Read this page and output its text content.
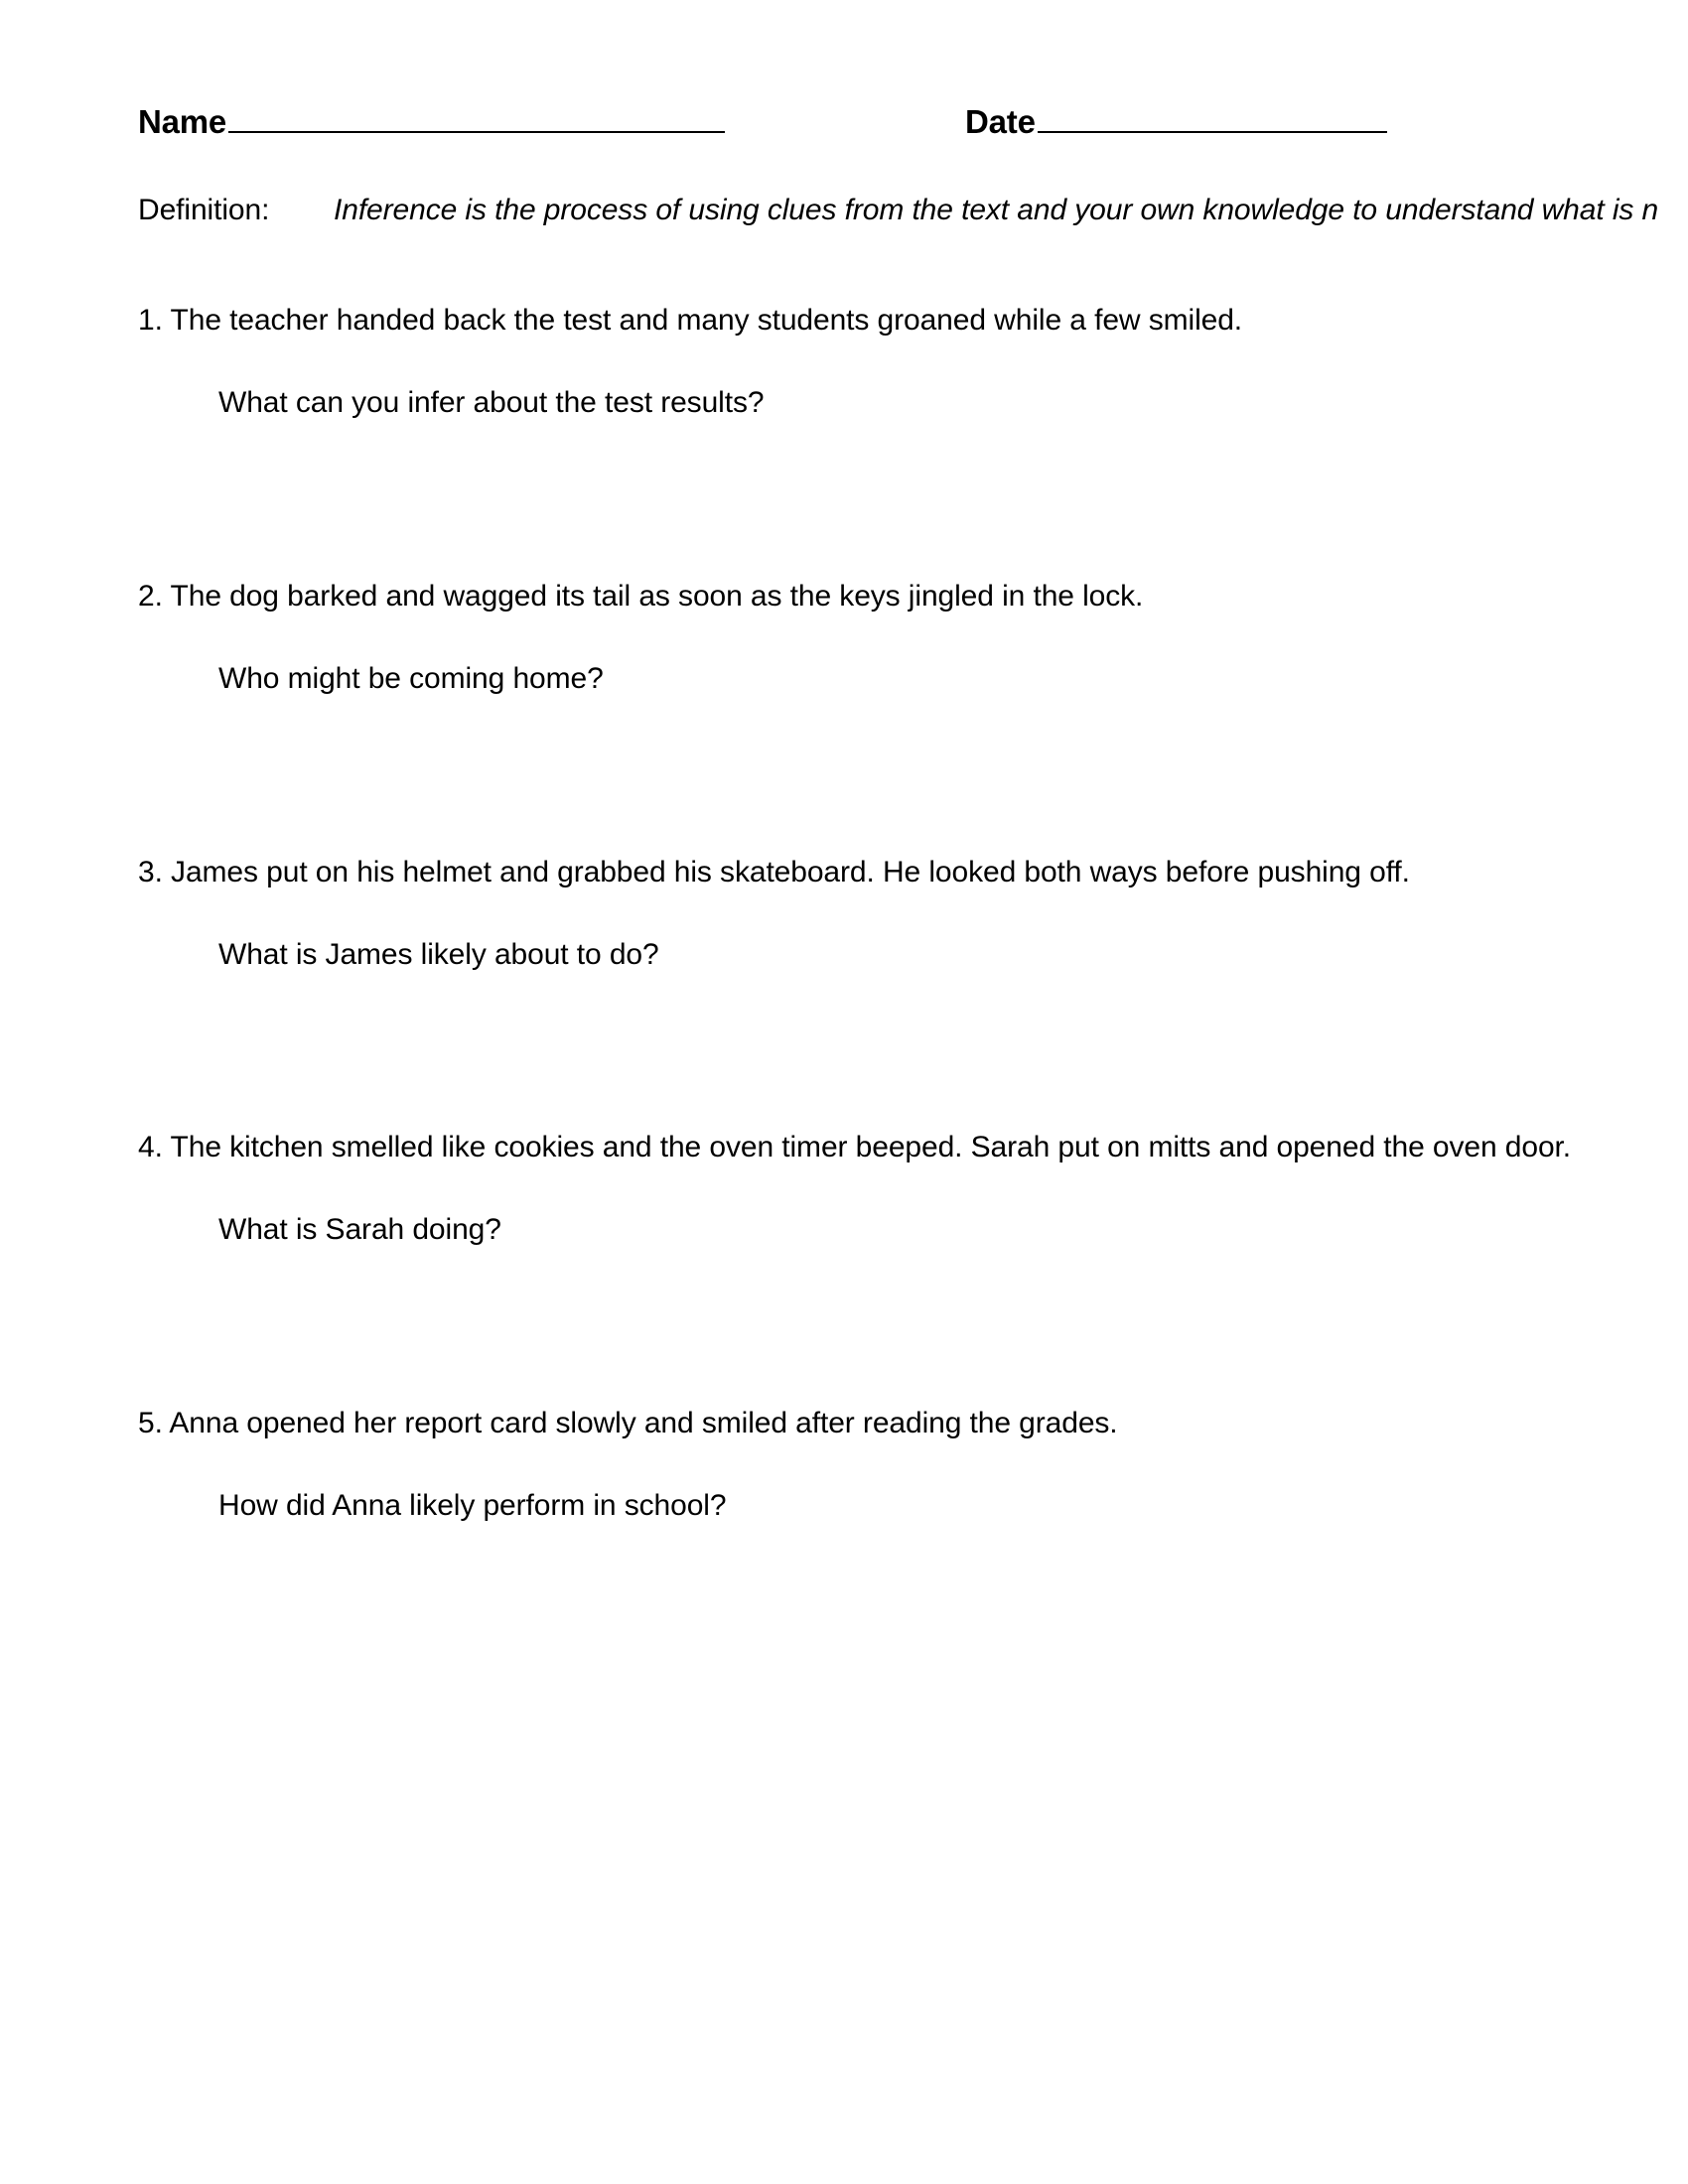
Name	Date
Definition: Inference is the process of using clues from the text and your own knowledge to understand what is n
1. The teacher handed back the test and many students groaned while a few smiled.
What can you infer about the test results?
2. The dog barked and wagged its tail as soon as the keys jingled in the lock.
Who might be coming home?
3. James put on his helmet and grabbed his skateboard. He looked both ways before pushing off.
What is James likely about to do?
4. The kitchen smelled like cookies and the oven timer beeped. Sarah put on mitts and opened the oven door.
What is Sarah doing?
5. Anna opened her report card slowly and smiled after reading the grades.
How did Anna likely perform in school?
